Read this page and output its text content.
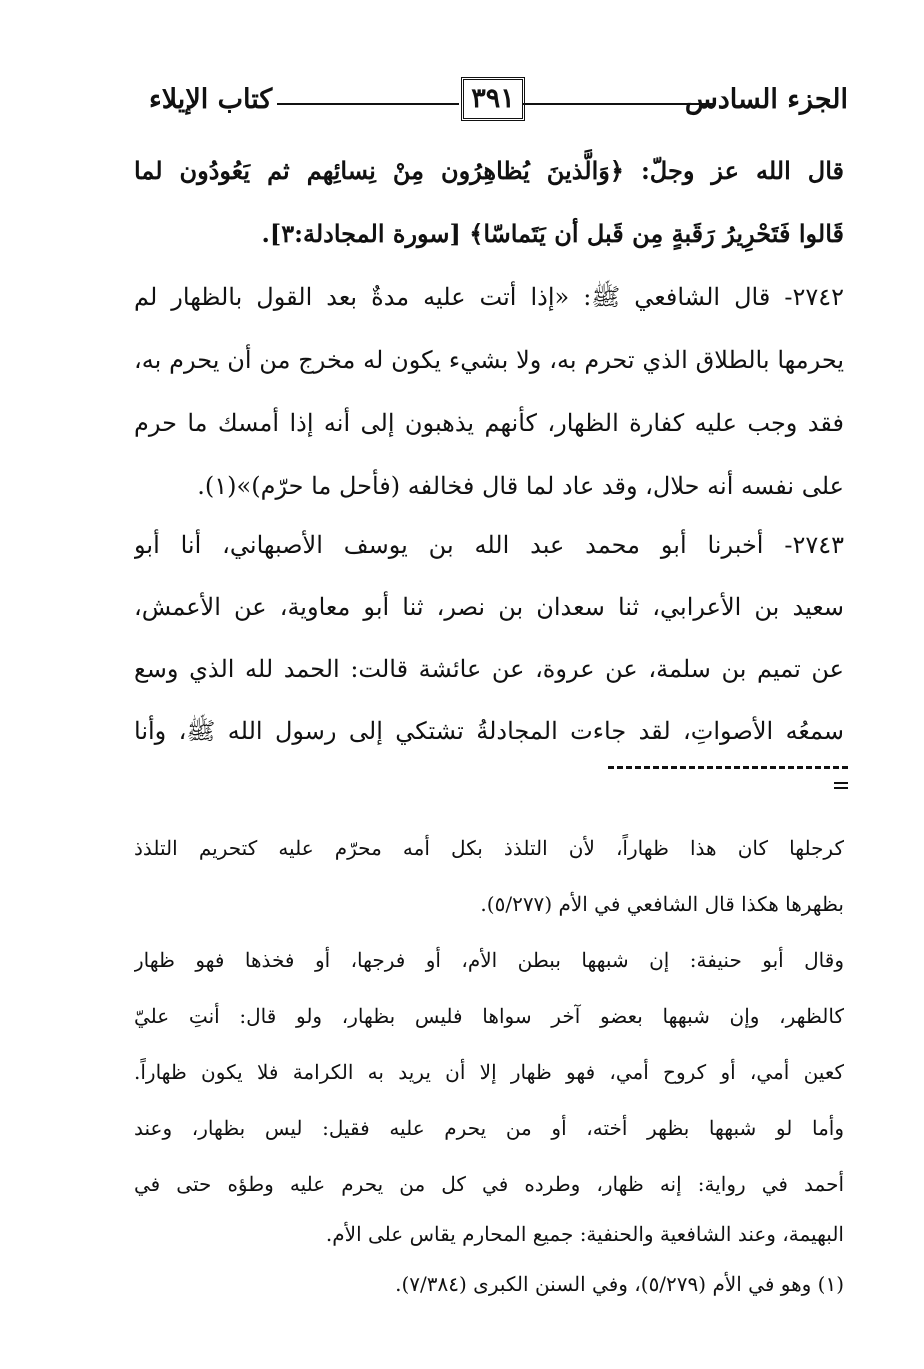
الجزء السادس
٣٩١
كتاب الإيلاء
قال الله عز وجلّ: ﴿وَالَّذينَ يُظاهِرُون مِنْ نِسائِهم ثم يَعُودُون لما
قَالوا فَتَحْرِيرُ رَقَبةٍ مِن قَبل أن يَتَماسّا﴾ [سورة المجادلة:٣].
٢٧٤٢- قال الشافعي ﷺ: «إذا أتت عليه مدةٌ بعد القول بالظهار لم
يحرمها بالطلاق الذي تحرم به، ولا بشيء يكون له مخرج من أن يحرم به،
فقد وجب عليه كفارة الظهار، كأنهم يذهبون إلى أنه إذا أمسك ما حرم
على نفسه أنه حلال، وقد عاد لما قال فخالفه (فأحل ما حرّم)»(١).
٢٧٤٣- أخبرنا أبو محمد عبد الله بن يوسف الأصبهاني، أنا أبو
سعيد بن الأعرابي، ثنا سعدان بن نصر، ثنا أبو معاوية، عن الأعمش،
عن تميم بن سلمة، عن عروة، عن عائشة قالت: الحمد لله الذي وسع
سمعُه الأصواتِ، لقد جاءت المجادلةُ تشتكي إلى رسول الله ﷺ، وأنا
كرجلها كان هذا ظهاراً، لأن التلذذ بكل أمه محرّم عليه كتحريم التلذذ
بظهرها هكذا قال الشافعي في الأم (٥/٢٧٧).
وقال أبو حنيفة: إن شبهها ببطن الأم، أو فرجها، أو فخذها فهو ظهار
كالظهر، وإن شبهها بعضو آخر سواها فليس بظهار، ولو قال: أنتِ عليّ
كعين أمي، أو كروح أمي، فهو ظهار إلا أن يريد به الكرامة فلا يكون ظهاراً.
وأما لو شبهها بظهر أخته، أو من يحرم عليه فقيل: ليس بظهار، وعند
أحمد في رواية: إنه ظهار، وطرده في كل من يحرم عليه وطؤه حتى في
البهيمة، وعند الشافعية والحنفية: جميع المحارم يقاس على الأم.
(١) وهو في الأم (٥/٢٧٩)، وفي السنن الكبرى (٧/٣٨٤).
